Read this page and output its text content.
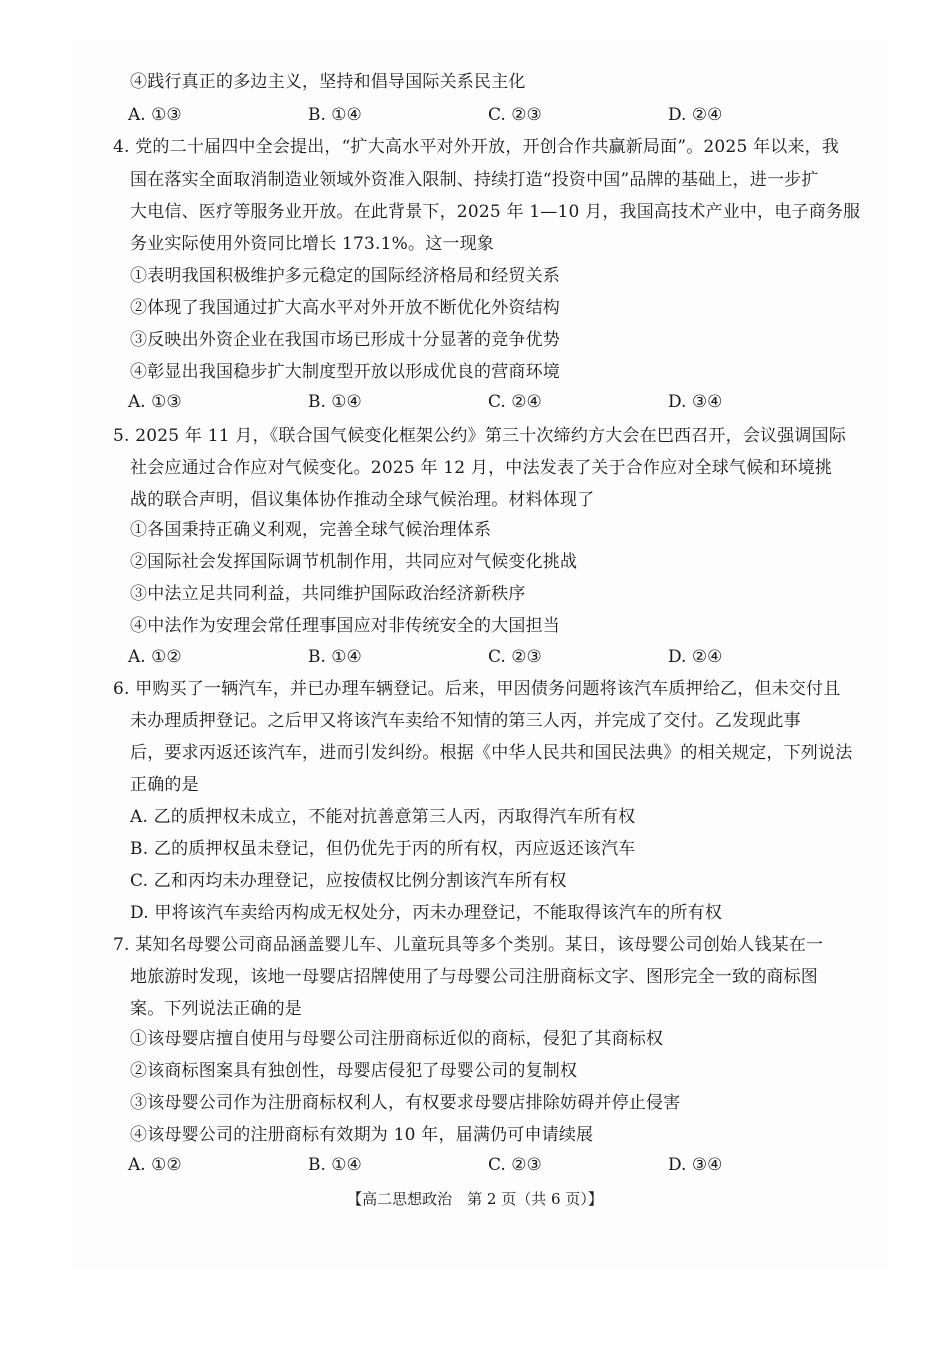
④践行真正的多边主义，坚持和倡导国际关系民主化
A. ①③	B. ①④	C. ②③	D. ②④
4. 党的二十届四中全会提出，“扩大高水平对外开放，开创合作共赢新局面”。2025 年以来，我
国在落实全面取消制造业领域外资准入限制、持续打造“投资中国”品牌的基础上，进一步扩
大电信、医疗等服务业开放。在此背景下，2025 年 1—10 月，我国高技术产业中，电子商务服
务业实际使用外资同比增长 173.1%。这一现象
①表明我国积极维护多元稳定的国际经济格局和经贸关系
②体现了我国通过扩大高水平对外开放不断优化外资结构
③反映出外资企业在我国市场已形成十分显著的竞争优势
④彰显出我国稳步扩大制度型开放以形成优良的营商环境
A. ①③	B. ①④	C. ②④	D. ③④
5. 2025 年 11 月，《联合国气候变化框架公约》第三十次缔约方大会在巴西召开，会议强调国际
社会应通过合作应对气候变化。2025 年 12 月，中法发表了关于合作应对全球气候和环境挑
战的联合声明，倡议集体协作推动全球气候治理。材料体现了
①各国秉持正确义利观，完善全球气候治理体系
②国际社会发挥国际调节机制作用，共同应对气候变化挑战
③中法立足共同利益，共同维护国际政治经济新秩序
④中法作为安理会常任理事国应对非传统安全的大国担当
A. ①②	B. ①④	C. ②③	D. ②④
6. 甲购买了一辆汽车，并已办理车辆登记。后来，甲因债务问题将该汽车质押给乙，但未交付且
未办理质押登记。之后甲又将该汽车卖给不知情的第三人丙，并完成了交付。乙发现此事
后，要求丙返还该汽车，进而引发纠纷。根据《中华人民共和国民法典》的相关规定，下列说法
正确的是
A. 乙的质押权未成立，不能对抗善意第三人丙，丙取得汽车所有权
B. 乙的质押权虽未登记，但仍优先于丙的所有权，丙应返还该汽车
C. 乙和丙均未办理登记，应按债权比例分割该汽车所有权
D. 甲将该汽车卖给丙构成无权处分，丙未办理登记，不能取得该汽车的所有权
7. 某知名母婴公司商品涵盖婴儿车、儿童玩具等多个类别。某日，该母婴公司创始人钱某在一
地旅游时发现，该地一母婴店招牌使用了与母婴公司注册商标文字、图形完全一致的商标图
案。下列说法正确的是
①该母婴店擅自使用与母婴公司注册商标近似的商标，侵犯了其商标权
②该商标图案具有独创性，母婴店侵犯了母婴公司的复制权
③该母婴公司作为注册商标权利人，有权要求母婴店排除妨碍并停止侵害
④该母婴公司的注册商标有效期为 10 年，届满仍可申请续展
A. ①②	B. ①④	C. ②③	D. ③④
【高二思想政治　第 2 页（共 6 页）】
